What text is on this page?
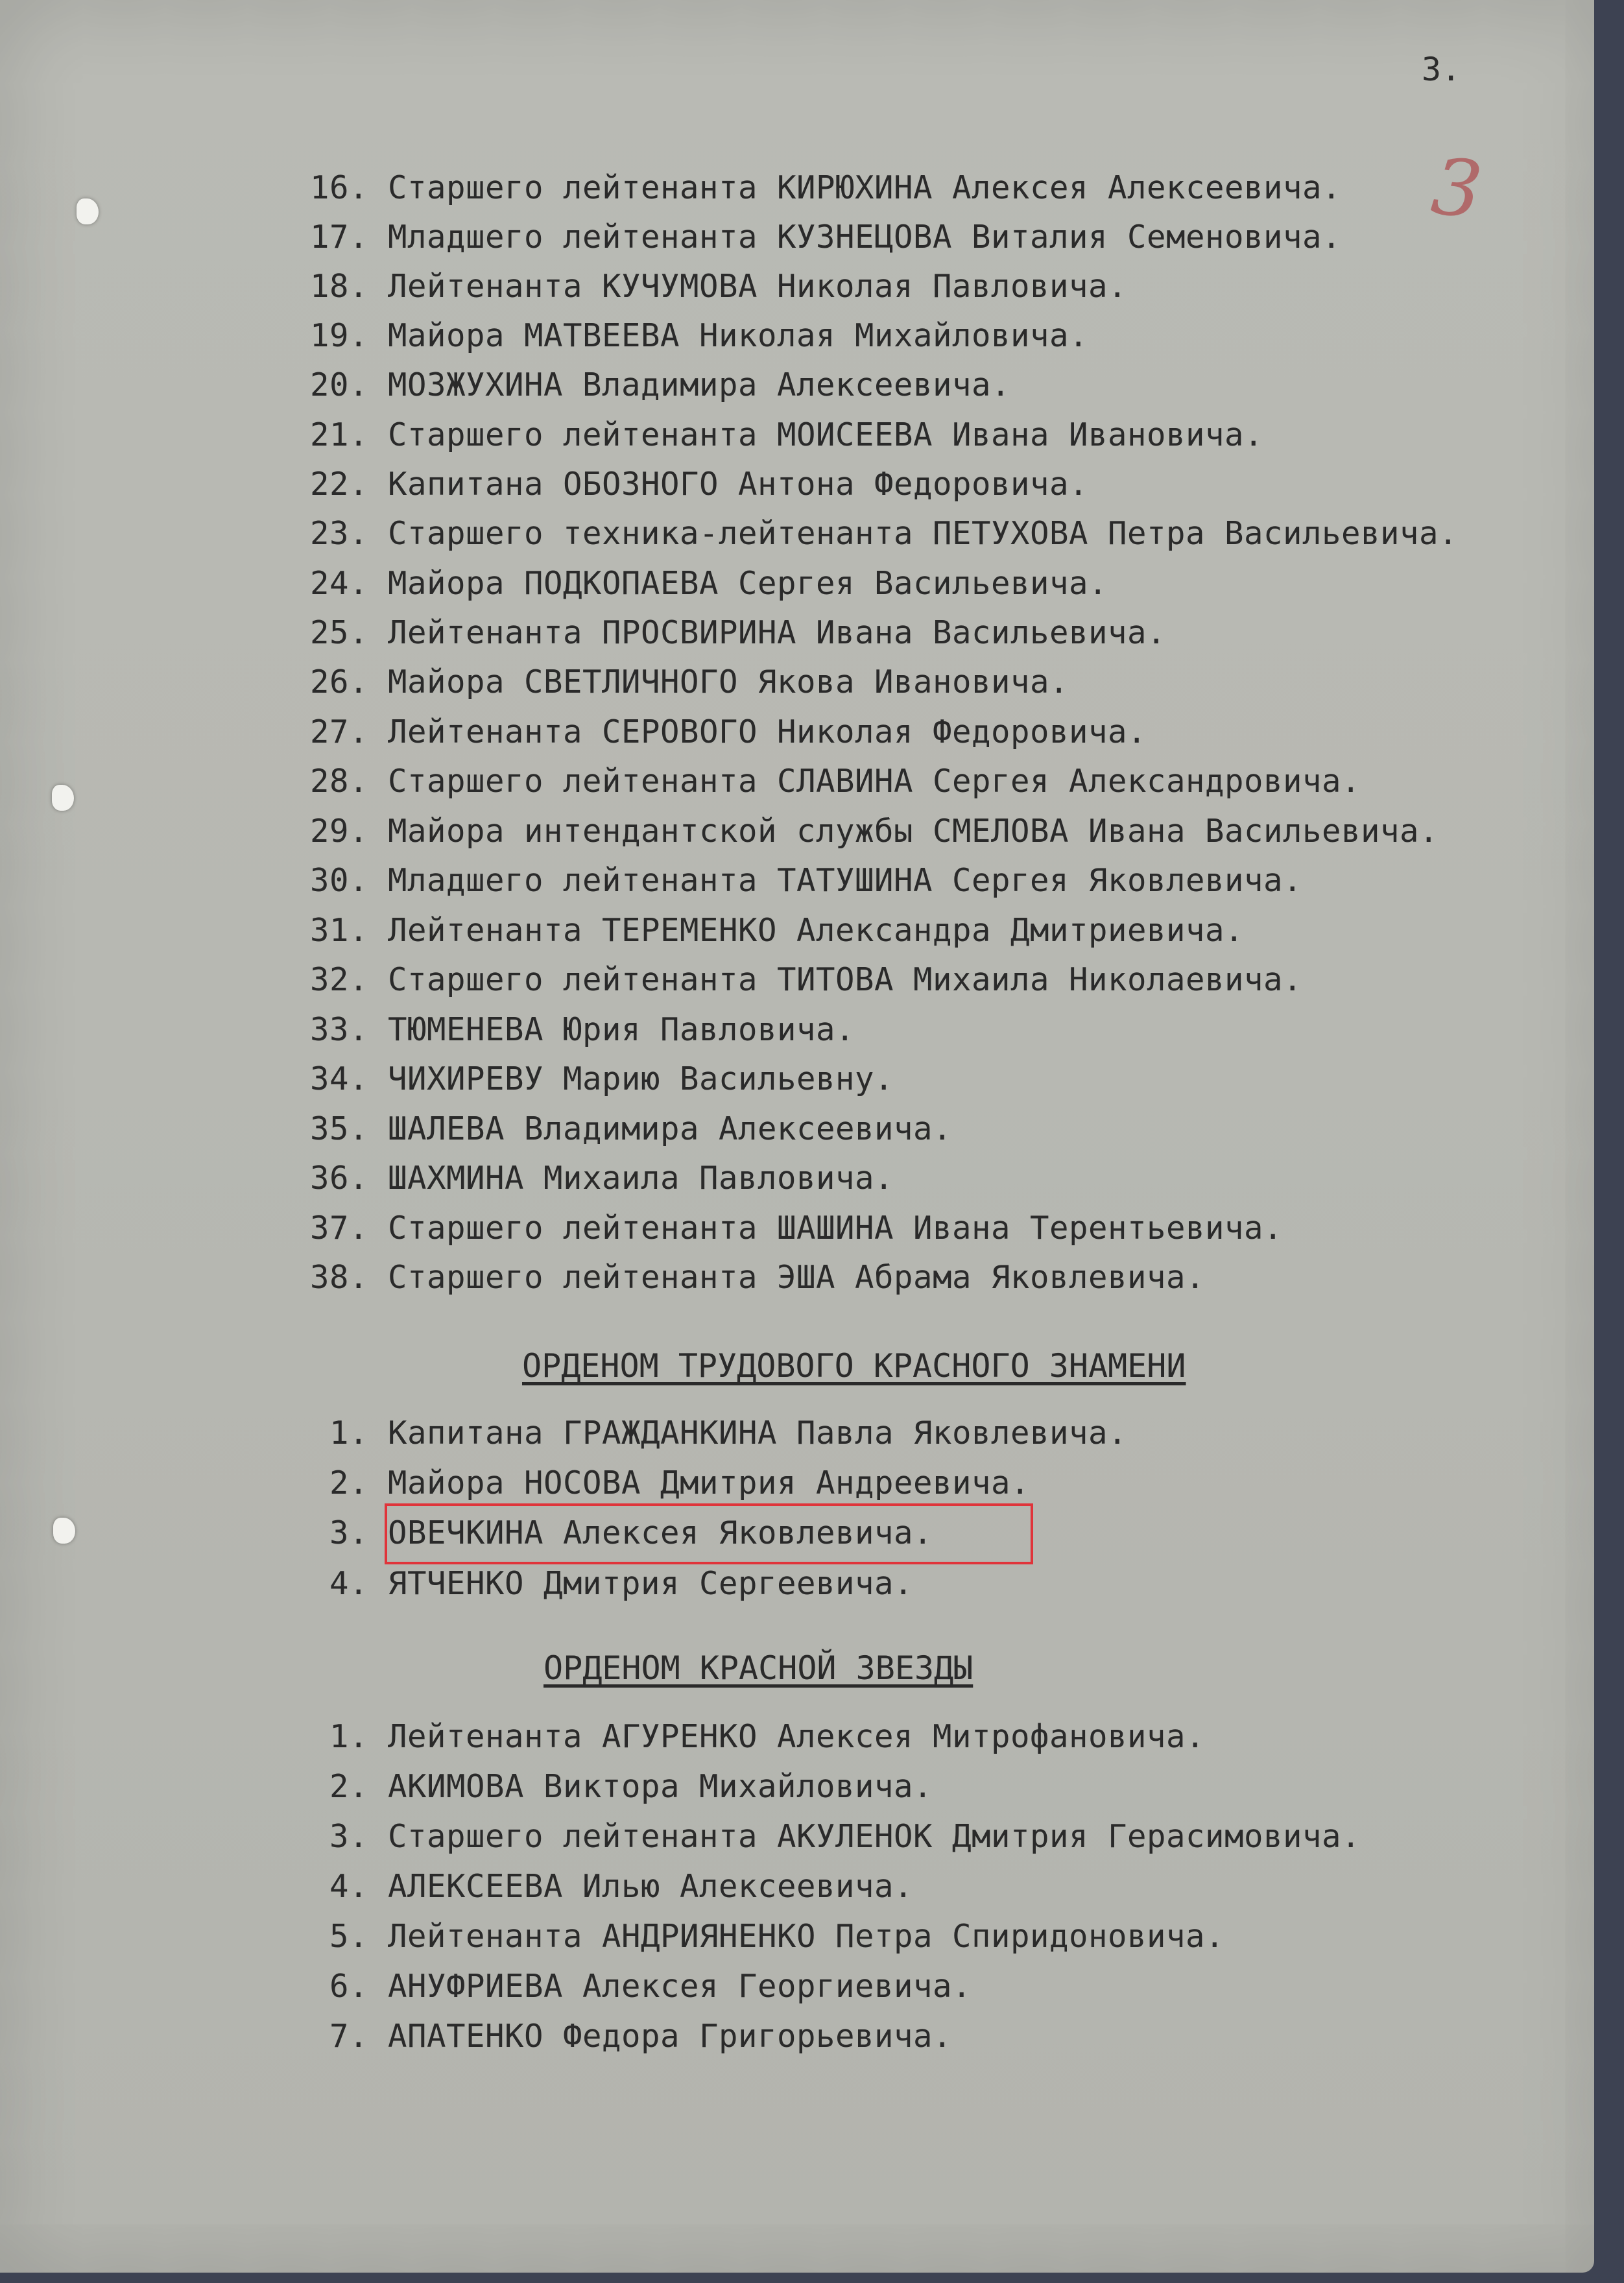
3.
3
16. Старшего лейтенанта КИРЮХИНА Алексея Алексеевича.
17. Младшего лейтенанта КУЗНЕЦОВА Виталия Семеновича.
18. Лейтенанта КУЧУМОВА Николая Павловича.
19. Майора МАТВЕЕВА Николая Михайловича.
20. МОЗЖУХИНА Владимира Алексеевича.
21. Старшего лейтенанта МОИСЕЕВА Ивана Ивановича.
22. Капитана ОБОЗНОГО Антона Федоровича.
23. Старшего техника-лейтенанта ПЕТУХОВА Петра Васильевича.
24. Майора ПОДКОПАЕВА Сергея Васильевича.
25. Лейтенанта ПРОСВИРИНА Ивана Васильевича.
26. Майора СВЕТЛИЧНОГО Якова Ивановича.
27. Лейтенанта СЕРОВОГО Николая Федоровича.
28. Старшего лейтенанта СЛАВИНА Сергея Александровича.
29. Майора интендантской службы СМЕЛОВА Ивана Васильевича.
30. Младшего лейтенанта ТАТУШИНА Сергея Яковлевича.
31. Лейтенанта ТЕРЕМЕНКО Александра Дмитриевича.
32. Старшего лейтенанта ТИТОВА Михаила Николаевича.
33. ТЮМЕНЕВА Юрия Павловича.
34. ЧИХИРЕВУ Марию Васильевну.
35. ШАЛЕВА Владимира Алексеевича.
36. ШАХМИНА Михаила Павловича.
37. Старшего лейтенанта ШАШИНА Ивана Терентьевича.
38. Старшего лейтенанта ЭША Абрама Яковлевича.
ОРДЕНОМ ТРУДОВОГО КРАСНОГО ЗНАМЕНИ
1. Капитана ГРАЖДАНКИНА Павла Яковлевича.
2. Майора НОСОВА Дмитрия Андреевича.
3. ОВЕЧКИНА Алексея Яковлевича.
4. ЯТЧЕНКО Дмитрия Сергеевича.
ОРДЕНОМ КРАСНОЙ ЗВЕЗДЫ
1. Лейтенанта АГУРЕНКО Алексея Митрофановича.
2. АКИМОВА Виктора Михайловича.
3. Старшего лейтенанта АКУЛЕНОК Дмитрия Герасимовича.
4. АЛЕКСЕЕВА Илью Алексеевича.
5. Лейтенанта АНДРИЯНЕНКО Петра Спиридоновича.
6. АНУФРИЕВА Алексея Георгиевича.
7. АПАТЕНКО Федора Григорьевича.
